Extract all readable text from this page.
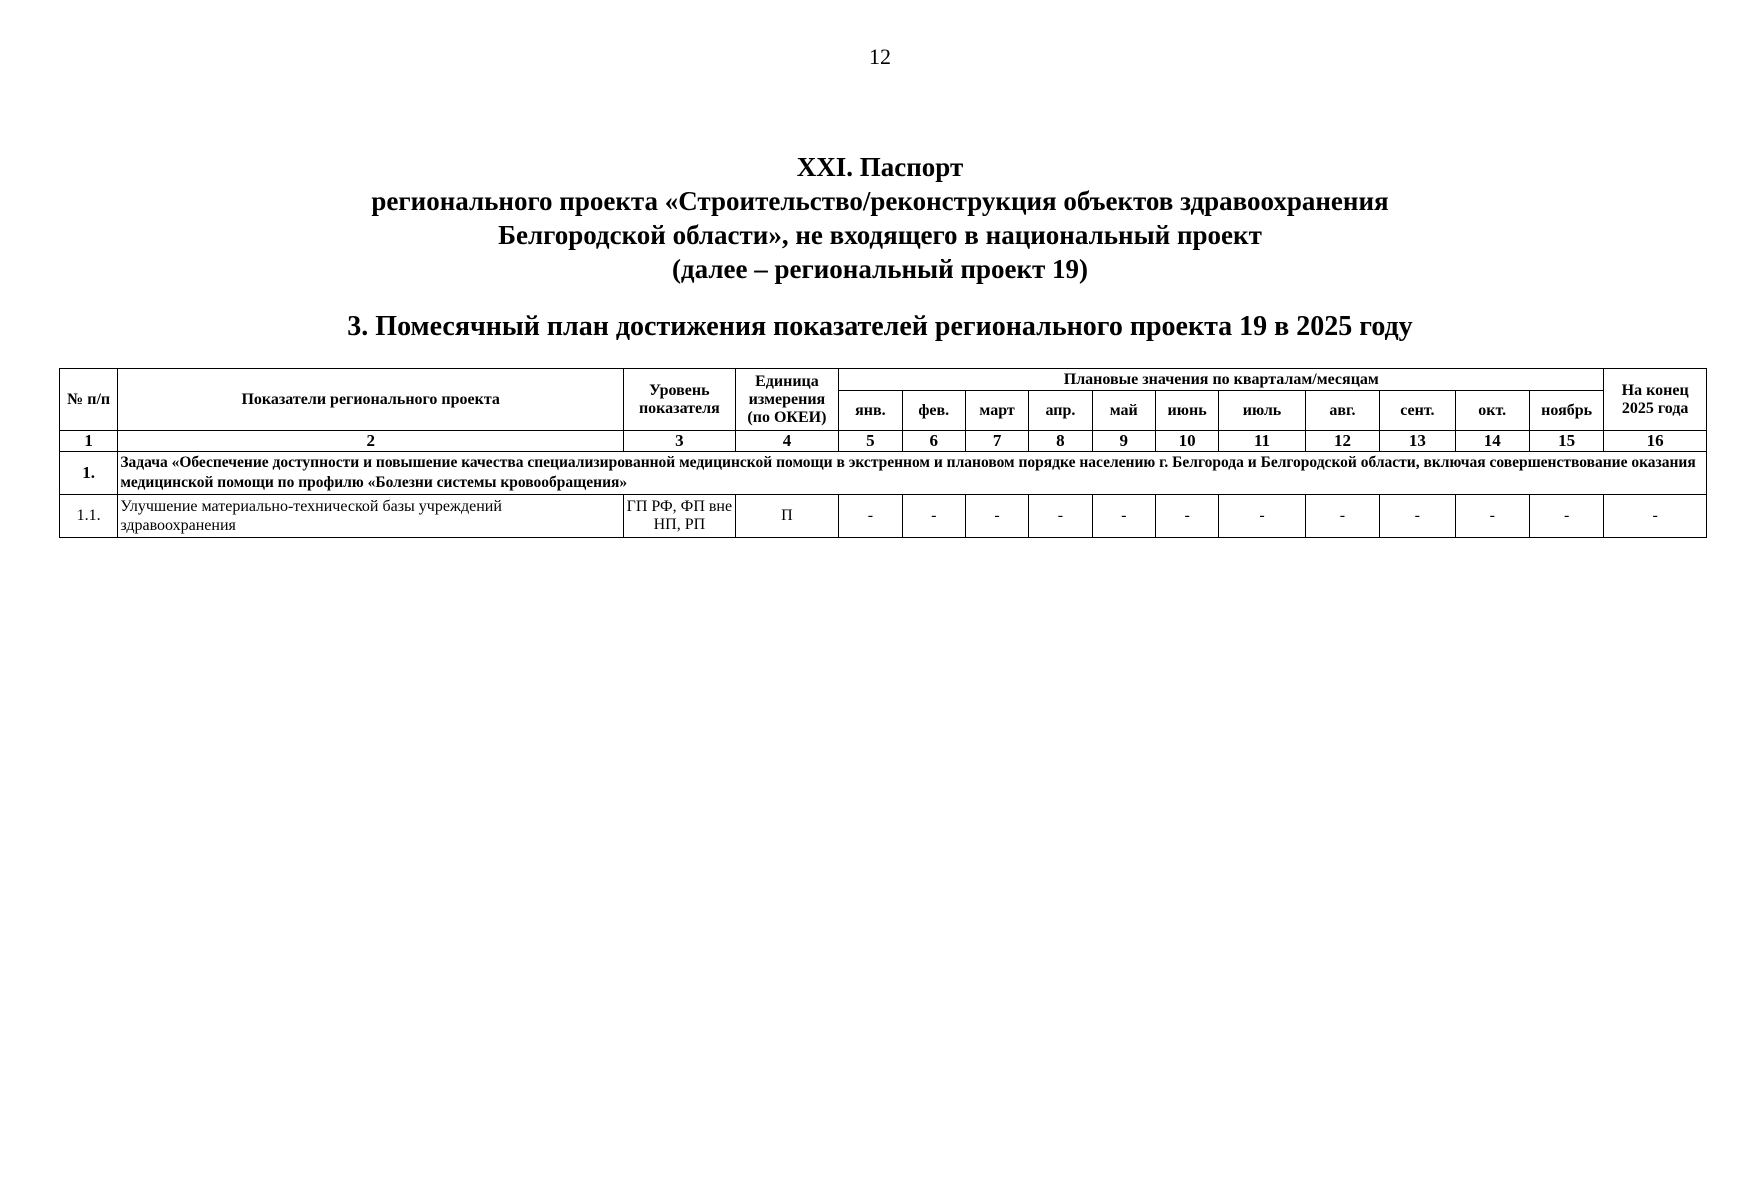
12
XXI. Паспорт
регионального проекта «Строительство/реконструкция объектов здравоохранения
Белгородской области», не входящего в национальный проект
(далее – региональный проект 19)
3. Помесячный план достижения показателей регионального проекта 19 в 2025 году
№ п/п	Показатели регионального проекта	Уровень показателя	Единица измерения (по ОКЕИ)	Плановые значения по кварталам/месяцам											На конец 2025 года
				янв.	фев.	март	апр.	май	июнь	июль	авг.	сент.	окт.	ноябрь	
1	2	3	4	5	6	7	8	9	10	11	12	13	14	15	16
1.	Задача «Обеспечение доступности и повышение качества специализированной медицинской помощи в экстренном и плановом порядке населению г. Белгорода и Белгородской области, включая совершенствование оказания медицинской помощи по профилю «Болезни системы кровообращения»														
1.1.	Улучшение материально-технической базы учреждений здравоохранения	ГП РФ, ФП вне НП, РП	П	-	-	-	-	-	-	-	-	-	-	-	-
